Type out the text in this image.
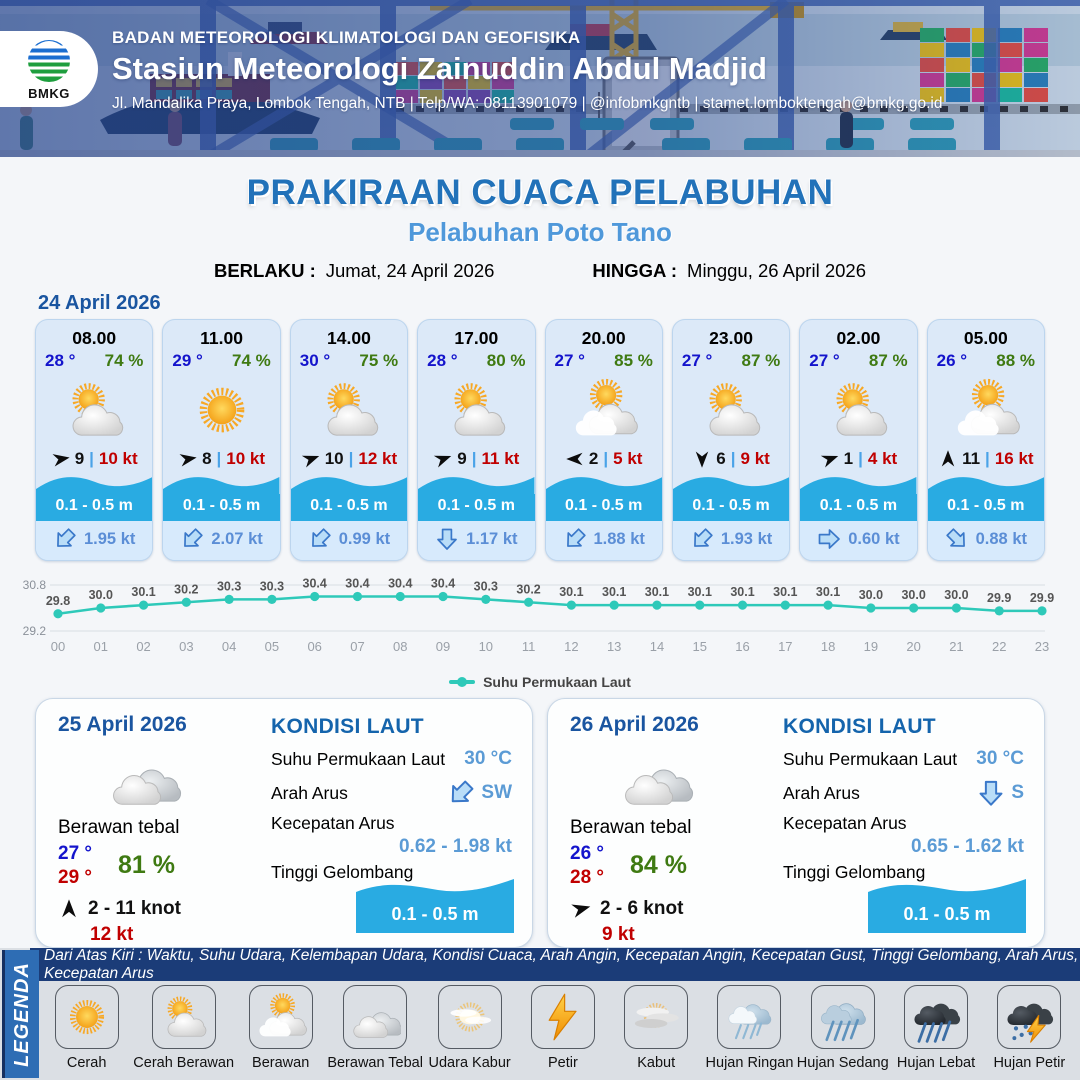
BMKG
BADAN METEOROLOGI KLIMATOLOGI DAN GEOFISIKA
Stasiun Meteorologi Zainuddin Abdul Madjid
Jl. Mandalika Praya, Lombok Tengah, NTB | Telp/WA: 08113901079 | @infobmkgntb | stamet.lomboktengah@bmkg.go.id
PRAKIRAAN CUACA PELABUHAN
Pelabuhan Poto Tano
BERLAKU : Jumat, 24 April 2026	HINGGA : Minggu, 26 April 2026
24 April 2026
08.00
28 ° 74 %
9 | 10 kt
0.1 - 0.5 m
1.95 kt
11.00
29 ° 74 %
8 | 10 kt
0.1 - 0.5 m
2.07 kt
14.00
30 ° 75 %
10 | 12 kt
0.1 - 0.5 m
0.99 kt
17.00
28 ° 80 %
9 | 11 kt
0.1 - 0.5 m
1.17 kt
20.00
27 ° 85 %
2 | 5 kt
0.1 - 0.5 m
1.88 kt
23.00
27 ° 87 %
6 | 9 kt
0.1 - 0.5 m
1.93 kt
02.00
27 ° 87 %
1 | 4 kt
0.1 - 0.5 m
0.60 kt
05.00
26 ° 88 %
11 | 16 kt
0.1 - 0.5 m
0.88 kt
30.8
29.2
29.8
00
30.0
01
30.1
02
30.2
03
30.3
04
30.3
05
30.4
06
30.4
07
30.4
08
30.4
09
30.3
10
30.2
11
30.1
12
30.1
13
30.1
14
30.1
15
30.1
16
30.1
17
30.1
18
30.0
19
30.0
20
30.0
21
29.9
22
29.9
23
Suhu Permukaan Laut
25 April 2026
Berawan tebal
27 °
29 ° 81 %
2 - 11 knot
12 kt
KONDISI LAUT
Suhu Permukaan Laut 30 °C
Arah Arus	SW
Kecepatan Arus
0.62 - 1.98 kt
Tinggi Gelombang
0.1 - 0.5 m
26 April 2026
Berawan tebal
26 °
28 ° 84 %
2 - 6 knot
9 kt
KONDISI LAUT
Suhu Permukaan Laut 30 °C
Arah Arus	S
Kecepatan Arus
0.65 - 1.62 kt
Tinggi Gelombang
0.1 - 0.5 m
Dari Atas Kiri : Waktu, Suhu Udara, Kelembapan Udara, Kondisi Cuaca, Arah Angin, Kecepatan Angin, Kecepatan Gust, Tinggi Gelombang, Arah Arus, Kecepatan Arus
LEGENDA Cerah Cerah Berawan Berawan Berawan Tebal Udara Kabur	Petir	Kabut Hujan Ringan Hujan Sedang Hujan Lebat Hujan Petir
